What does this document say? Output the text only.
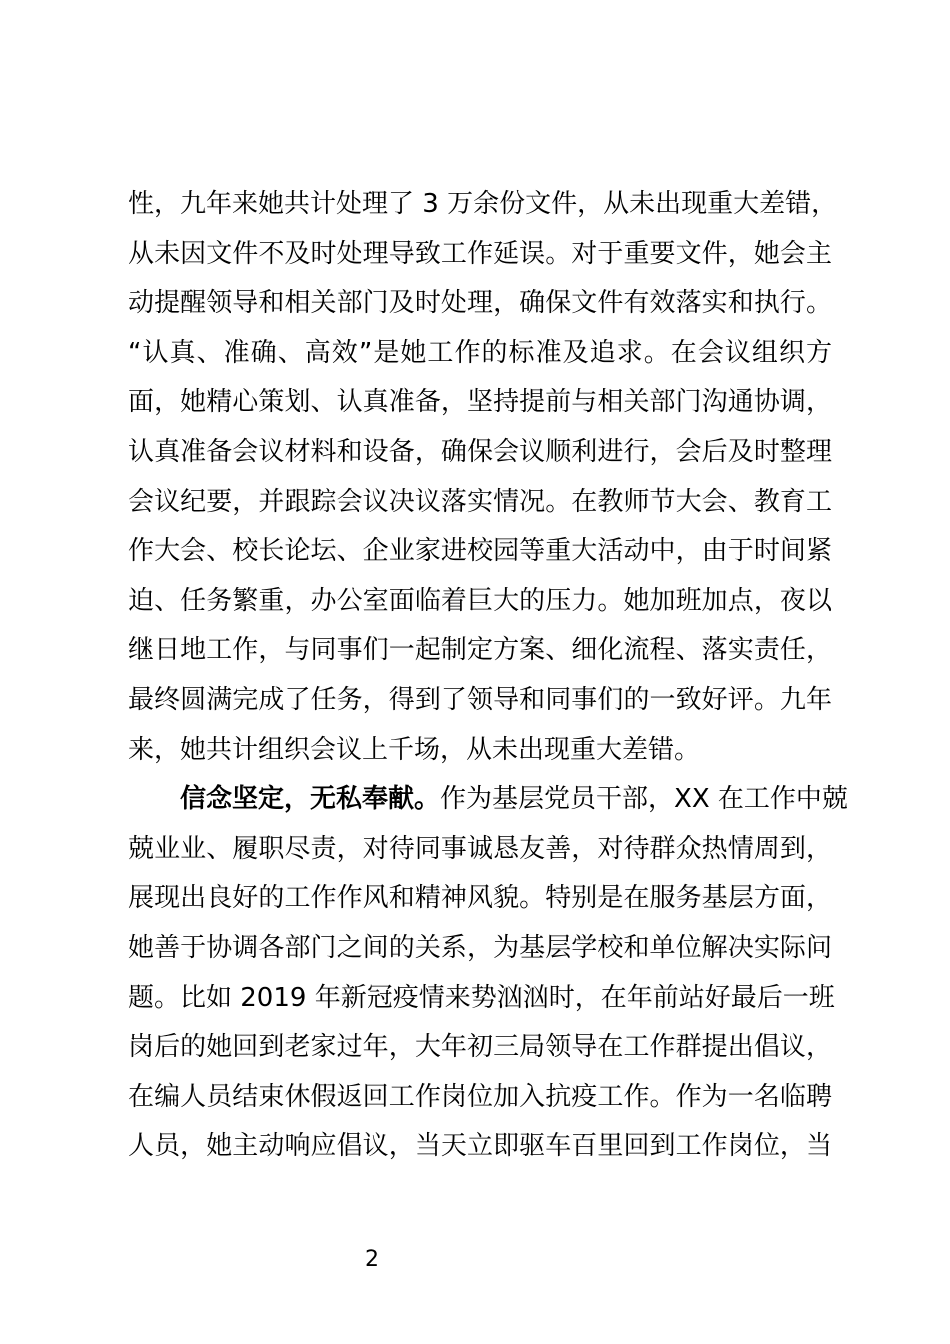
性，九年来她共计处理了 3 万余份文件，从未出现重大差错，
从未因文件不及时处理导致工作延误。对于重要文件，她会主
动提醒领导和相关部门及时处理，确保文件有效落实和执行。
“认真、准确、高效”是她工作的标准及追求。在会议组织方
面，她精心策划、认真准备，坚持提前与相关部门沟通协调，
认真准备会议材料和设备，确保会议顺利进行，会后及时整理
会议纪要，并跟踪会议决议落实情况。在教师节大会、教育工
作大会、校长论坛、企业家进校园等重大活动中，由于时间紧
迫、任务繁重，办公室面临着巨大的压力。她加班加点，夜以
继日地工作，与同事们一起制定方案、细化流程、落实责任，
最终圆满完成了任务，得到了领导和同事们的一致好评。九年
来，她共计组织会议上千场，从未出现重大差错。
信念坚定，无私奉献。作为基层党员干部，XX 在工作中兢
兢业业、履职尽责，对待同事诚恳友善，对待群众热情周到，
展现出良好的工作作风和精神风貌。特别是在服务基层方面，
她善于协调各部门之间的关系，为基层学校和单位解决实际问
题。比如 2019 年新冠疫情来势汹汹时，在年前站好最后一班
岗后的她回到老家过年，大年初三局领导在工作群提出倡议，
在编人员结束休假返回工作岗位加入抗疫工作。作为一名临聘
人员，她主动响应倡议，当天立即驱车百里回到工作岗位，当
2
